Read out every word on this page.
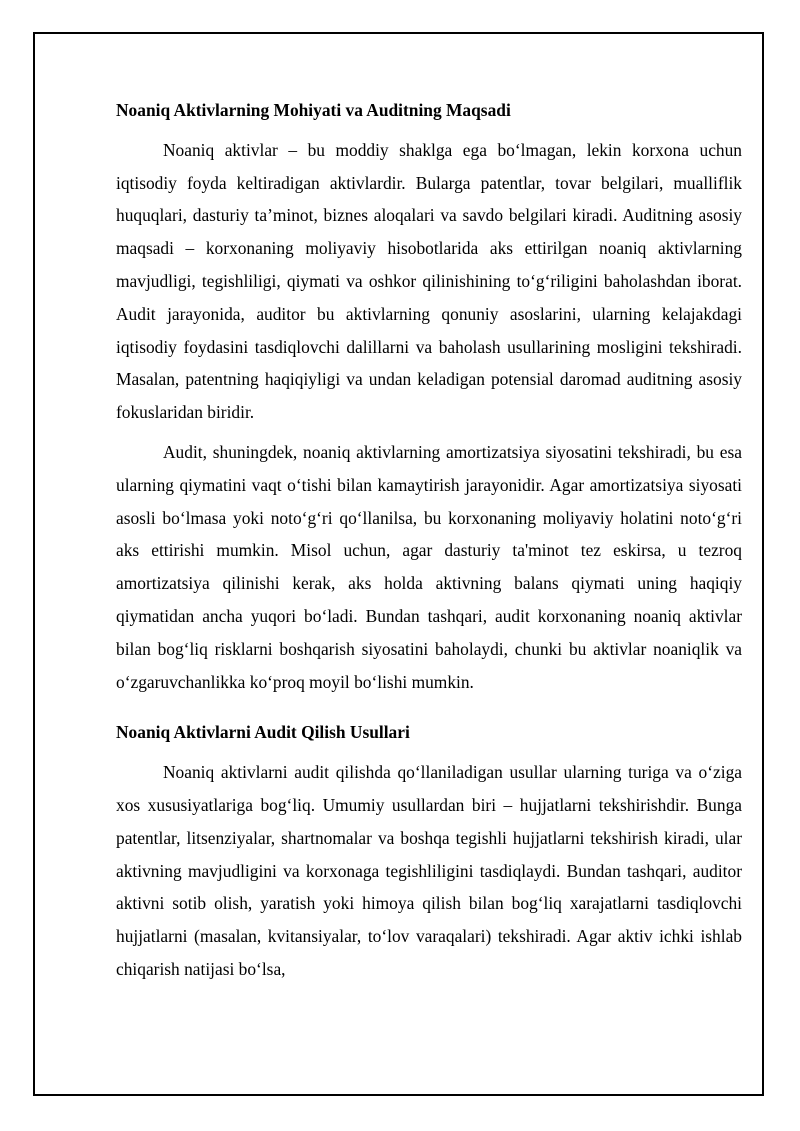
Noaniq Aktivlarning Mohiyati va Auditning Maqsadi

Noaniq aktivlar – bu moddiy shaklga ega bo‘lmagan, lekin korxona uchun iqtisodiy foyda keltiradigan aktivlardir. Bularga patentlar, tovar belgilari, mualliflik huquqlari, dasturiy ta’minot, biznes aloqalari va savdo belgilari kiradi. Auditning asosiy maqsadi – korxonaning moliyaviy hisobotlarida aks ettirilgan noaniq aktivlarning mavjudligi, tegishliligi, qiymati va oshkor qilinishining to‘g‘riligini baholashdan iborat. Audit jarayonida, auditor bu aktivlarning qonuniy asoslarini, ularning kelajakdagi iqtisodiy foydasini tasdiqlovchi dalillarni va baholash usullarining mosligini tekshiradi. Masalan, patentning haqiqiyligi va undan keladigan potensial daromad auditning asosiy fokuslaridan biridir.

Audit, shuningdek, noaniq aktivlarning amortizatsiya siyosatini tekshiradi, bu esa ularning qiymatini vaqt o‘tishi bilan kamaytirish jarayonidir. Agar amortizatsiya siyosati asosli bo‘lmasa yoki noto‘g‘ri qo‘llanilsa, bu korxonaning moliyaviy holatini noto‘g‘ri aks ettirishi mumkin. Misol uchun, agar dasturiy ta'minot tez eskirsa, u tezroq amortizatsiya qilinishi kerak, aks holda aktivning balans qiymati uning haqiqiy qiymatidan ancha yuqori bo‘ladi. Bundan tashqari, audit korxonaning noaniq aktivlar bilan bog‘liq risklarni boshqarish siyosatini baholaydi, chunki bu aktivlar noaniqlik va o‘zgaruvchanlikka ko‘proq moyil bo‘lishi mumkin.

Noaniq Aktivlarni Audit Qilish Usullari

Noaniq aktivlarni audit qilishda qo‘llaniladigan usullar ularning turiga va o‘ziga xos xususiyatlariga bog‘liq. Umumiy usullardan biri – hujjatlarni tekshirishdir. Bunga patentlar, litsenziyalar, shartnomalar va boshqa tegishli hujjatlarni tekshirish kiradi, ular aktivning mavjudligini va korxonaga tegishliligini tasdiqlaydi. Bundan tashqari, auditor aktivni sotib olish, yaratish yoki himoya qilish bilan bog‘liq xarajatlarni tasdiqlovchi hujjatlarni (masalan, kvitansiyalar, to‘lov varaqalari) tekshiradi. Agar aktiv ichki ishlab chiqarish natijasi bo‘lsa,
